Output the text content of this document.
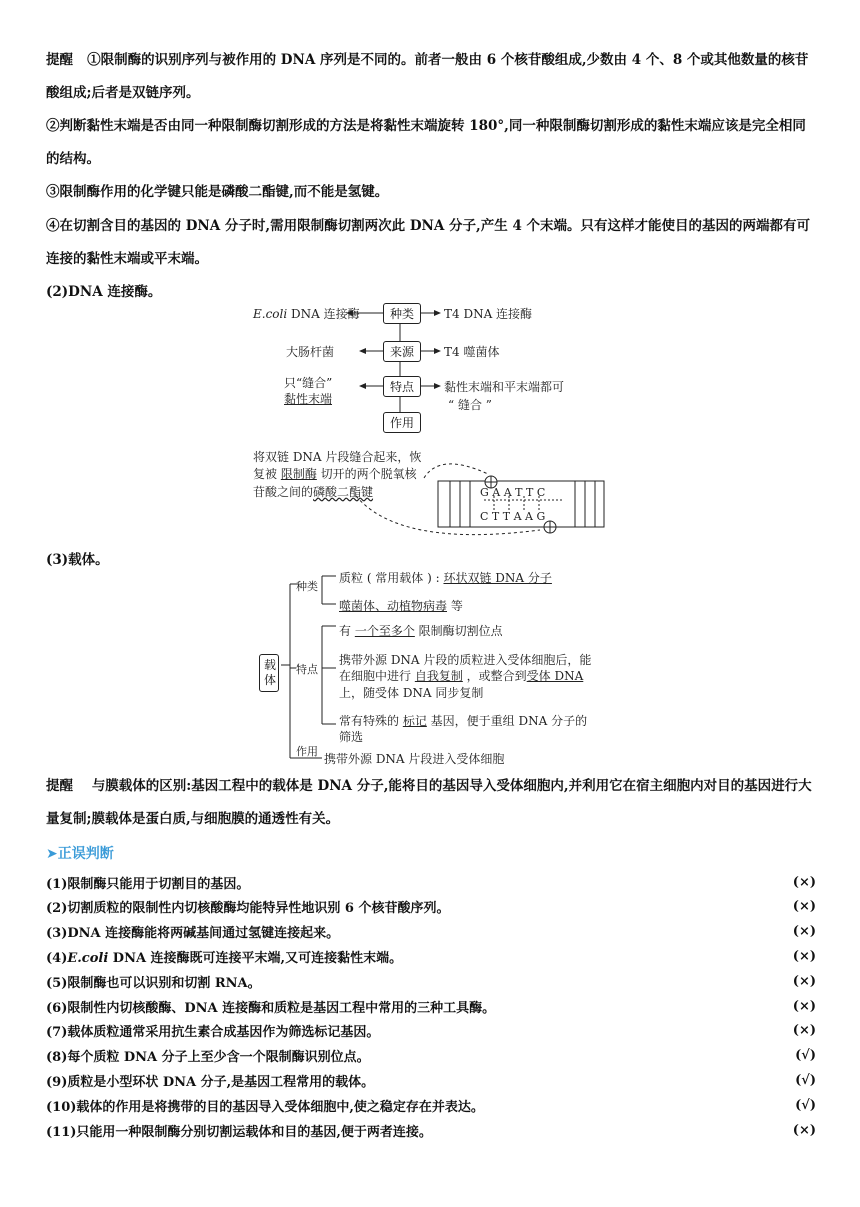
提醒 ①限制酶的识别序列与被作用的 DNA 序列是不同的。前者一般由 6 个核苷酸组成,少数由 4 个、8 个或其他数量的核苷酸组成;后者是双链序列。
②判断黏性末端是否由同一种限制酶切割形成的方法是将黏性末端旋转 180°,同一种限制酶切割形成的黏性末端应该是完全相同的结构。
③限制酶作用的化学键只能是磷酸二酯键,而不能是氢键。
④在切割含目的基因的 DNA 分子时,需用限制酶切割两次此 DNA 分子,产生 4 个末端。只有这样才能使目的基因的两端都有可连接的黏性末端或平末端。
(2)DNA 连接酶。
E.coli DNA 连接酶	种类	T4 DNA 连接酶
大肠杆菌	来源	T4 噬菌体
只“缝合”
黏性末端
特点	黏性末端和平末端都可
“ 缝合 ”
作用
将双链 DNA 片段缝合起来，恢
复被 限制酶 切开的两个脱氧核
苷酸之间的磷酸二酯键	G A A T T C
C T T A A G
(3)载体。
载
体
种类
质粒 ( 常用载体 ) : 环状双链 DNA 分子
噬菌体、动植物病毒 等
特点
有 一个至多个 限制酶切割位点
携带外源 DNA 片段的质粒进入受体细胞后，能
在细胞中进行 自我复制 ，或整合到受体 DNA
上，随受体 DNA 同步复制
常有特殊的 标记 基因，便于重组 DNA 分子的
筛选
作用
携带外源 DNA 片段进入受体细胞
提醒 与膜载体的区别:基因工程中的载体是 DNA 分子,能将目的基因导入受体细胞内,并利用它在宿主细胞内对目的基因进行大量复制;膜载体是蛋白质,与细胞膜的通透性有关。
➤正误判断
(1)限制酶只能用于切割目的基因。	(×)
(2)切割质粒的限制性内切核酸酶均能特异性地识别 6 个核苷酸序列。	(×)
(3)DNA 连接酶能将两碱基间通过氢键连接起来。	(×)
(4)E.coli DNA 连接酶既可连接平末端,又可连接黏性末端。	(×)
(5)限制酶也可以识别和切割 RNA。	(×)
(6)限制性内切核酸酶、DNA 连接酶和质粒是基因工程中常用的三种工具酶。	(×)
(7)载体质粒通常采用抗生素合成基因作为筛选标记基因。	(×)
(8)每个质粒 DNA 分子上至少含一个限制酶识别位点。	(√)
(9)质粒是小型环状 DNA 分子,是基因工程常用的载体。	(√)
(10)载体的作用是将携带的目的基因导入受体细胞中,使之稳定存在并表达。	(√)
(11)只能用一种限制酶分别切割运载体和目的基因,便于两者连接。	(×)
